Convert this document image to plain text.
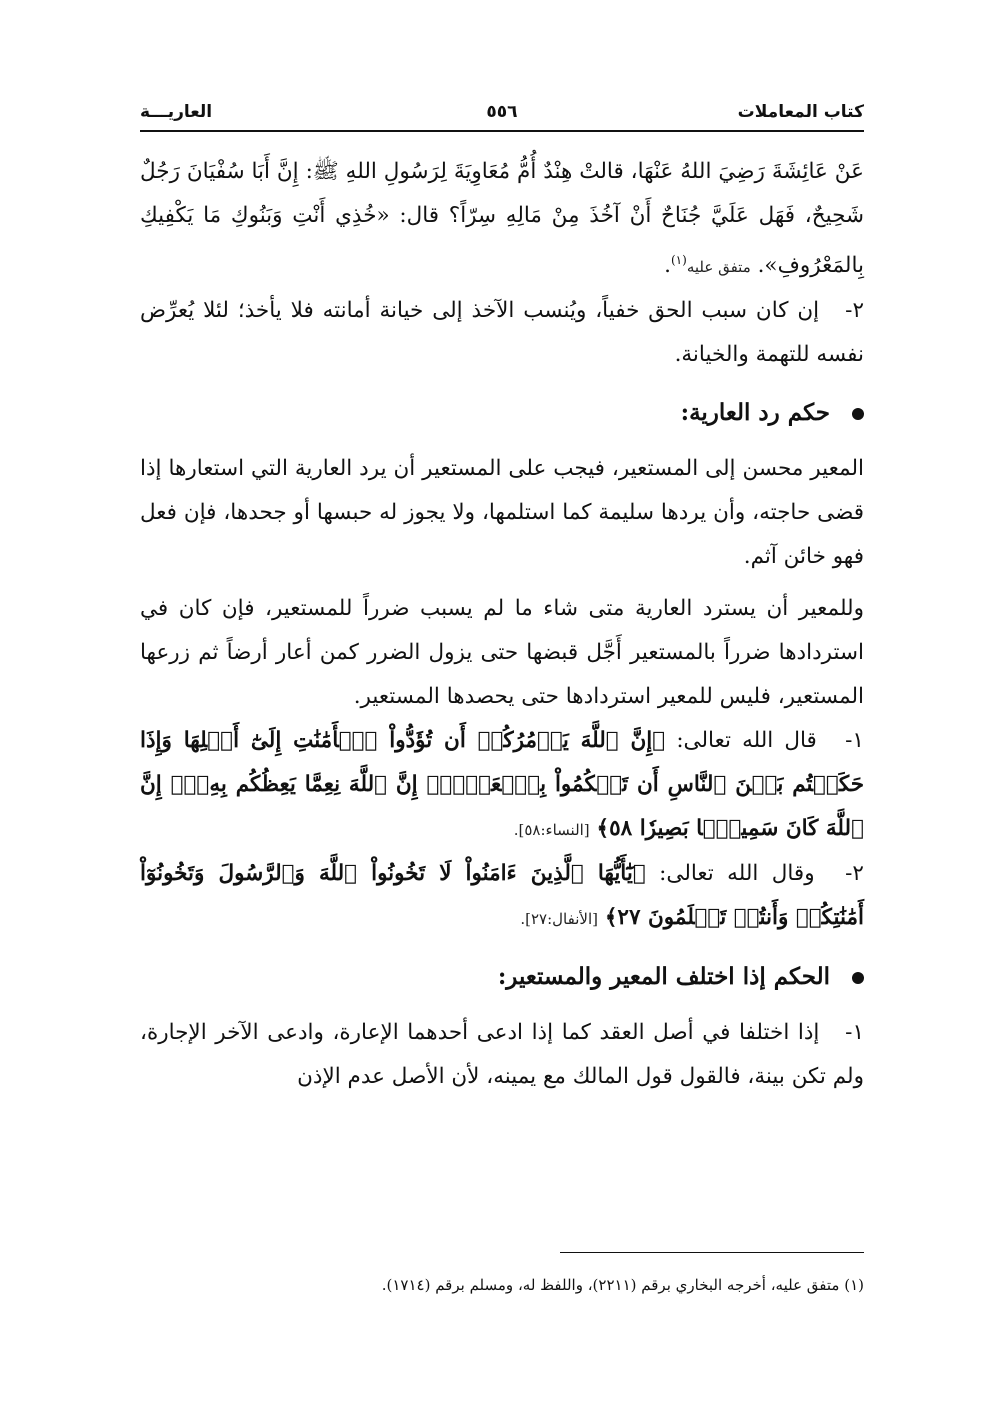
كتاب المعاملات
٥٥٦
العاريـــة

عَنْ عَائِشَةَ رَضِيَ اللهُ عَنْهَا، قالتْ هِنْدٌ أُمُّ مُعَاوِيَةَ لِرَسُولِ اللهِ ﷺ: إِنَّ أَبَا سُفْيَانَ رَجُلٌ شَحِيحٌ، فَهَل عَلَيَّ جُنَاحٌ أَنْ آخُذَ مِنْ مَالِهِ سِرّاً؟ قال: «خُذِي أَنْتِ وَبَنُوكِ مَا يَكْفِيكِ بِالمَعْرُوفِ». متفق عليه$^{(١)}$.

٢- إن كان سبب الحق خفياً، ويُنسب الآخذ إلى خيانة أمانته فلا يأخذ؛ لئلا يُعرِّض نفسه للتهمة والخيانة.

حكم رد العارية:

المعير محسن إلى المستعير، فيجب على المستعير أن يرد العارية التي استعارها إذا قضى حاجته، وأن يردها سليمة كما استلمها، ولا يجوز له حبسها أو جحدها، فإن فعل فهو خائن آثم.

وللمعير أن يسترد العارية متى شاء ما لم يسبب ضرراً للمستعير، فإن كان في استردادها ضرراً بالمستعير أَجَّل قبضها حتى يزول الضرر كمن أعار أرضاً ثم زرعها المستعير، فليس للمعير استردادها حتى يحصدها المستعير.

١- قال الله تعالى: ﴿إِنَّ ٱللَّهَ يَأۡمُرُكُمۡ أَن تُؤَدُّواْ ٱلۡأَمَٰنَٰتِ إِلَىٰٓ أَهۡلِهَا وَإِذَا حَكَمۡتُم بَيۡنَ ٱلنَّاسِ أَن تَحۡكُمُواْ بِٱلۡعَدۡلِۚ إِنَّ ٱللَّهَ نِعِمَّا يَعِظُكُم بِهِۦٓۗ إِنَّ ٱللَّهَ كَانَ سَمِيعَۢا بَصِيرٗا ٥٨﴾ [النساء:٥٨].

٢- وقال الله تعالى: ﴿يَٰٓأَيُّهَا ٱلَّذِينَ ءَامَنُواْ لَا تَخُونُواْ ٱللَّهَ وَٱلرَّسُولَ وَتَخُونُوٓاْ أَمَٰنَٰتِكُمۡ وَأَنتُمۡ تَعۡلَمُونَ ٢٧﴾ [الأنفال:٢٧].

الحكم إذا اختلف المعير والمستعير:

١- إذا اختلفا في أصل العقد كما إذا ادعى أحدهما الإعارة، وادعى الآخر الإجارة، ولم تكن بينة، فالقول قول المالك مع يمينه، لأن الأصل عدم الإذن

(١) متفق عليه، أخرجه البخاري برقم (٢٢١١)، واللفظ له، ومسلم برقم (١٧١٤).
